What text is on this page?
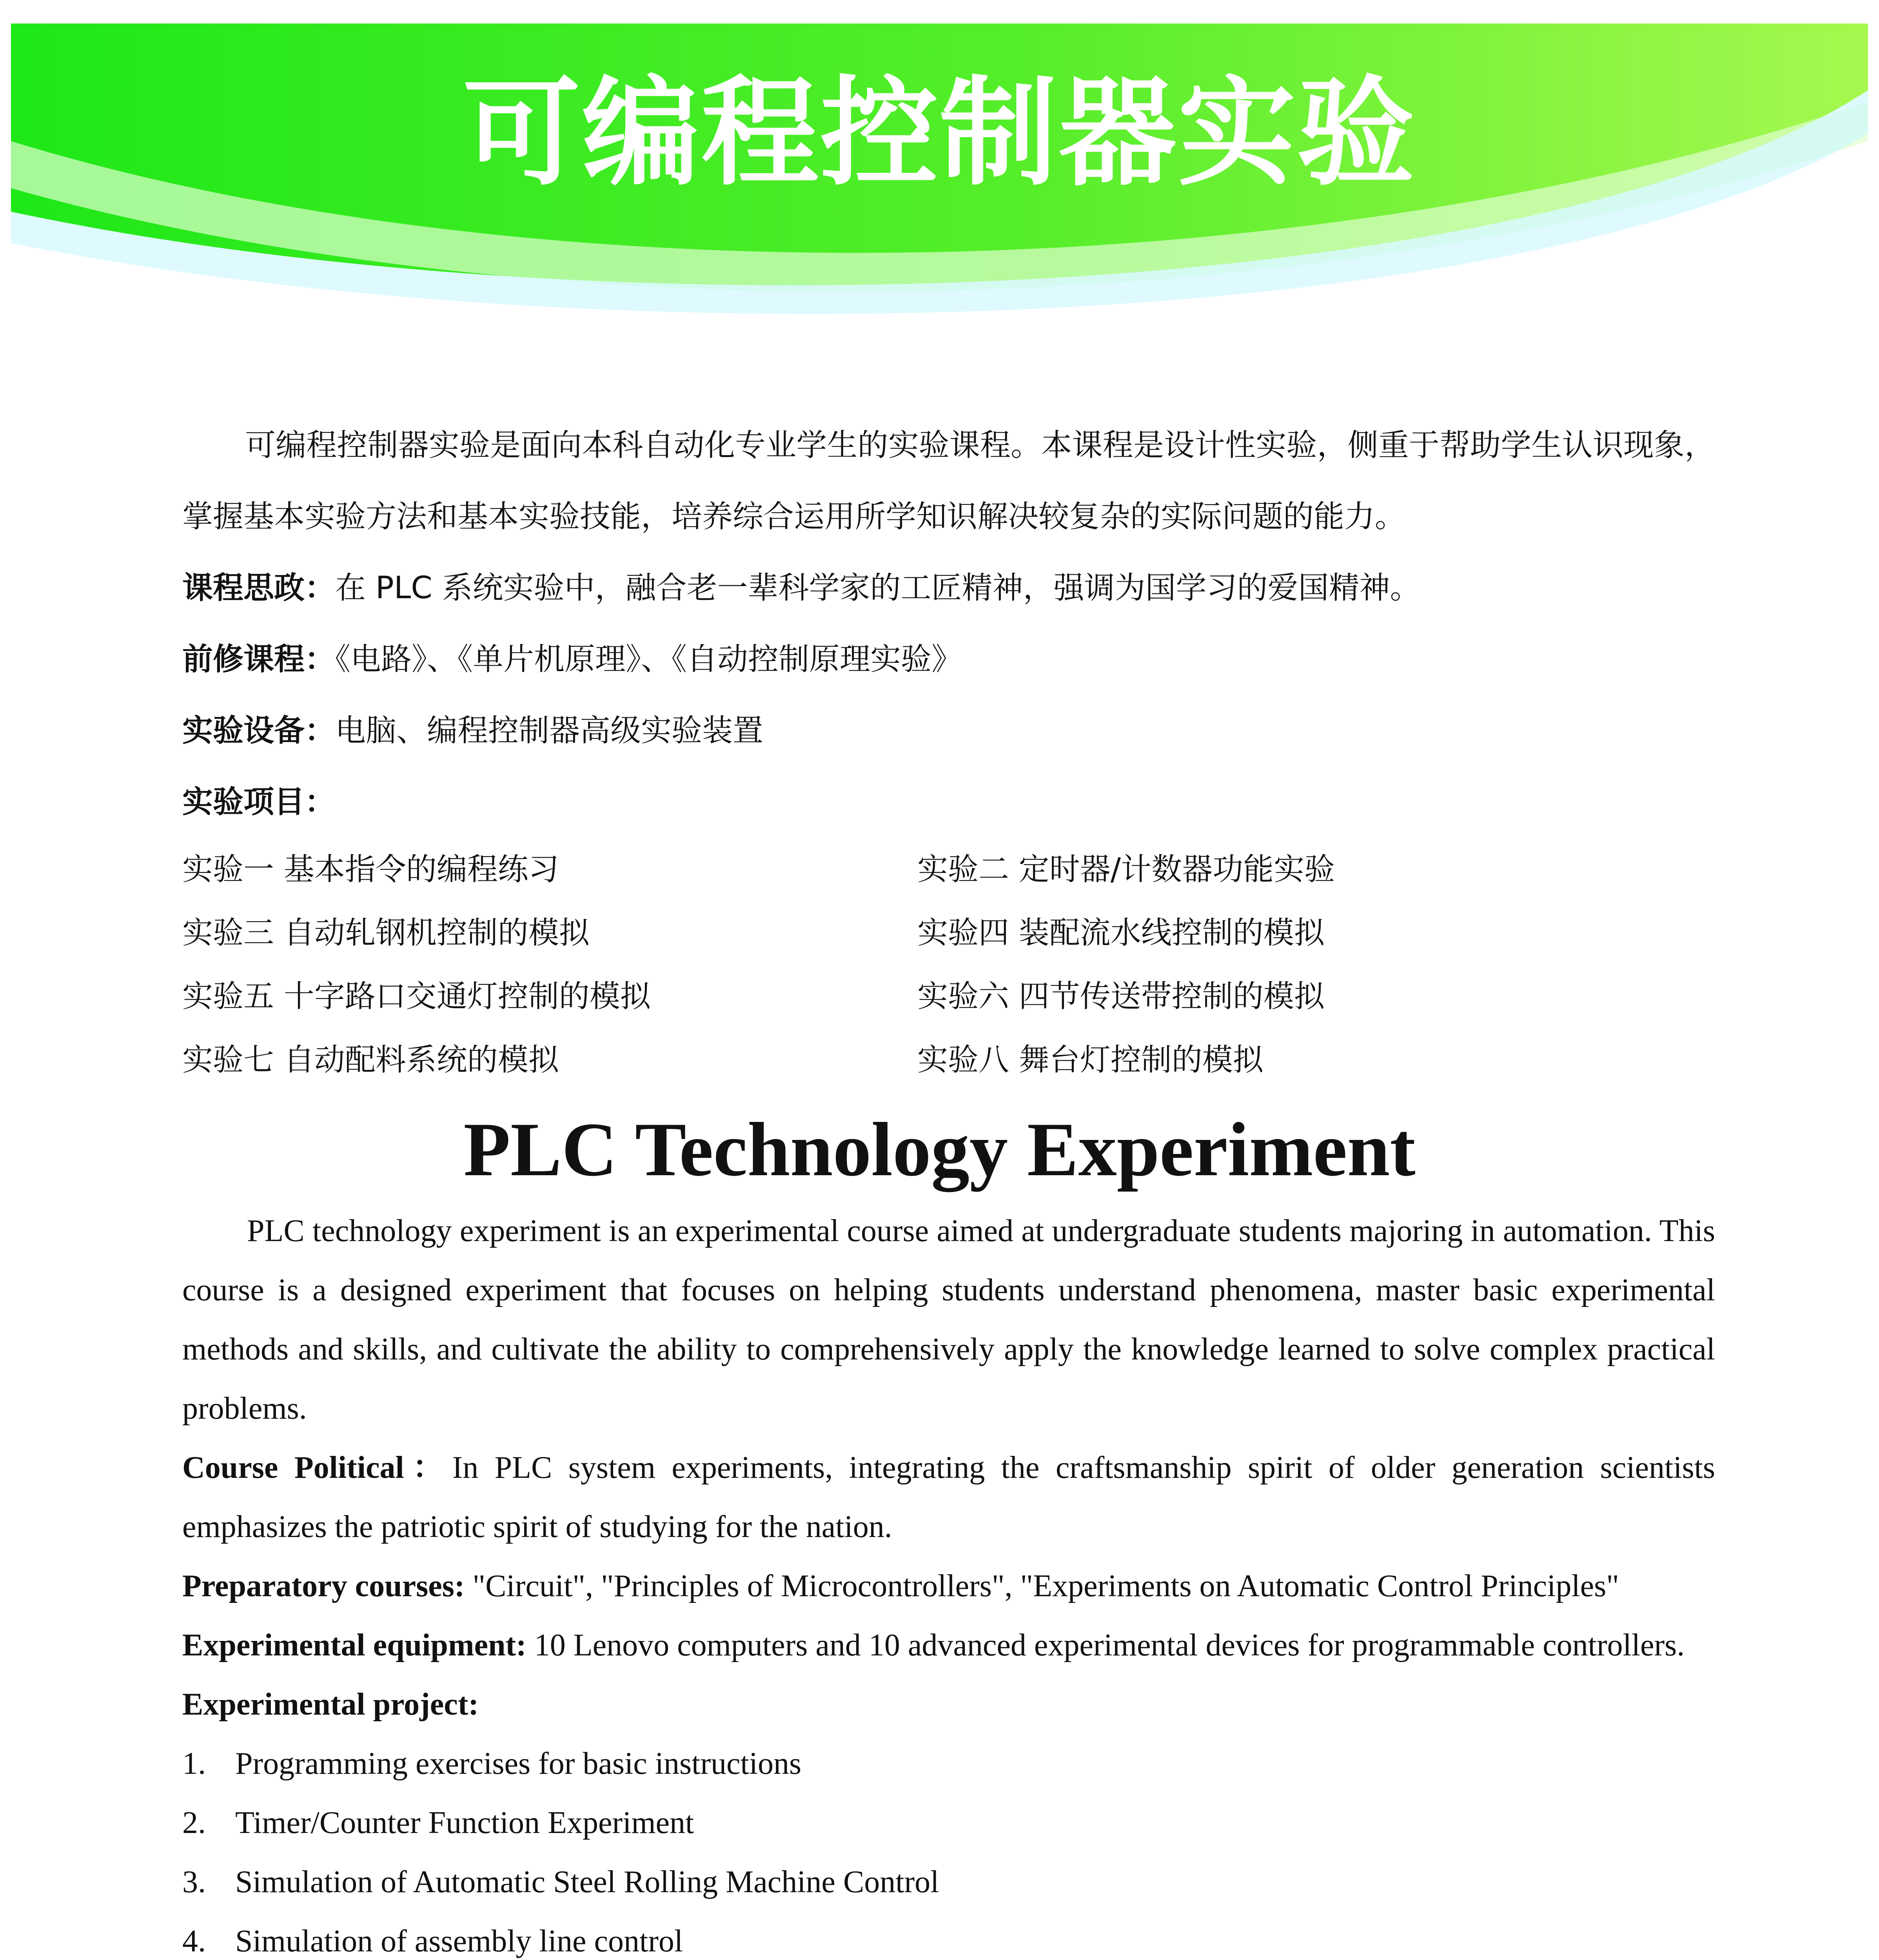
可编程控制器实验

可编程控制器实验是面向本科自动化专业学生的实验课程。本课程是设计性实验，侧重于帮助学生认识现象，掌握基本实验方法和基本实验技能，培养综合运用所学知识解决较复杂的实际问题的能力。

课程思政：在 PLC 系统实验中，融合老一辈科学家的工匠精神，强调为国学习的爱国精神。

前修课程：《电路》、《单片机原理》、《自动控制原理实验》

实验设备：电脑、编程控制器高级实验装置

实验项目：

实验一 基本指令的编程练习	实验二 定时器/计数器功能实验
实验三 自动轧钢机控制的模拟	实验四 装配流水线控制的模拟
实验五 十字路口交通灯控制的模拟	实验六 四节传送带控制的模拟
实验七 自动配料系统的模拟	实验八 舞台灯控制的模拟
PLC Technology Experiment

PLC technology experiment is an experimental course aimed at undergraduate students majoring in automation. This course is a designed experiment that focuses on helping students understand phenomena, master basic experimental methods and skills, and cultivate the ability to comprehensively apply the knowledge learned to solve complex practical problems.

Course Political：In PLC system experiments, integrating the craftsmanship spirit of older generation scientists emphasizes the patriotic spirit of studying for the nation.

Preparatory courses: "Circuit", "Principles of Microcontrollers", "Experiments on Automatic Control Principles"

Experimental equipment: 10 Lenovo computers and 10 advanced experimental devices for programmable controllers.

Experimental project:

1. Programming exercises for basic instructions
2. Timer/Counter Function Experiment
3. Simulation of Automatic Steel Rolling Machine Control
4. Simulation of assembly line control
